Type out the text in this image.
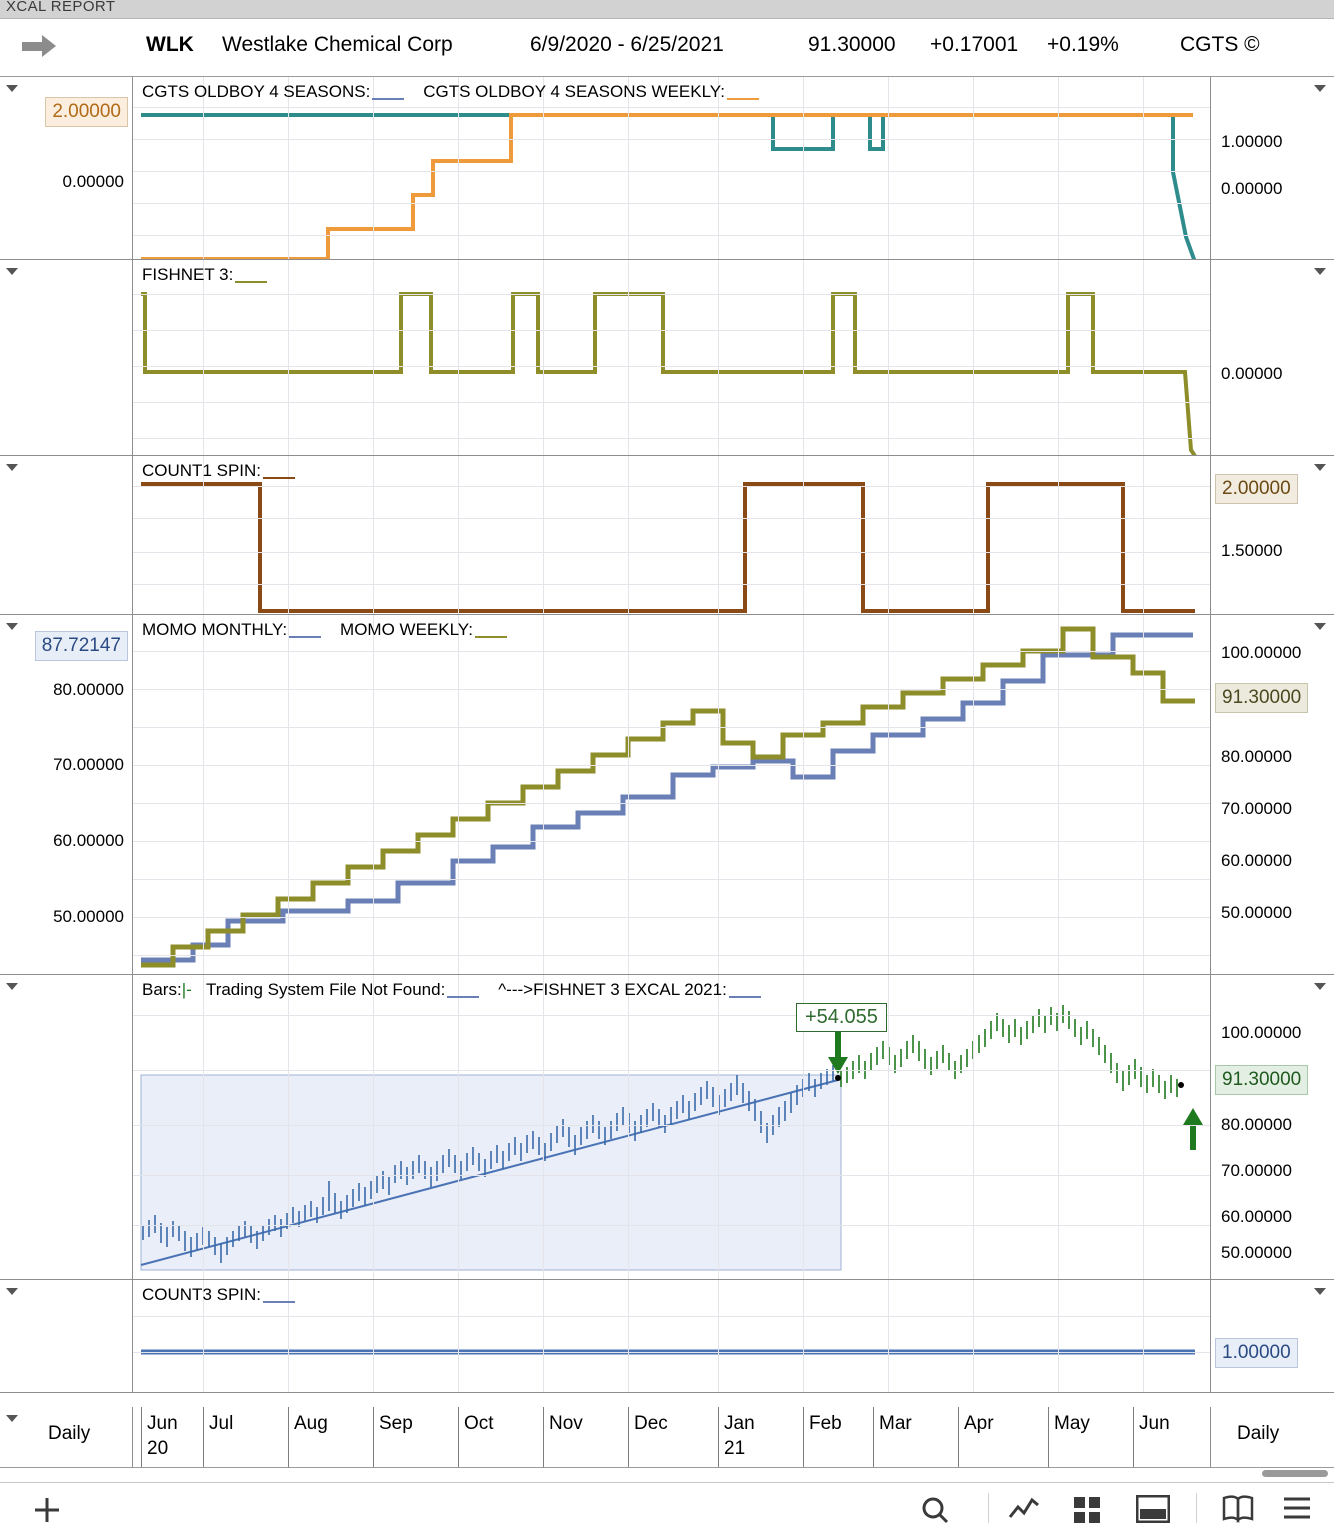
XCAL REPORT
WLK Westlake Chemical Corp	6/9/2020 - 6/25/2021	91.30000 +0.17001 +0.19%	CGTS ©
2.00000
0.00000
CGTS OLDBOY 4 SEASONS:	CGTS OLDBOY 4 SEASONS WEEKLY:
1.00000
0.00000
FISHNET 3:
0.00000
COUNT1 SPIN:
2.00000
1.50000
87.72147
80.00000
70.00000
60.00000
50.00000
MOMO MONTHLY:	MOMO WEEKLY:
100.00000
91.30000
80.00000
70.00000
60.00000
50.00000
Bars:|- Trading System File Not Found:	^--->FISHNET 3 EXCAL 2021:
+54.055
100.00000
91.30000
80.00000
70.00000
60.00000
50.00000
COUNT3 SPIN:
1.00000
Daily	Jun
20
Jul	Aug	Sep	Oct	Nov	Dec	Jan
21
Feb Mar	Apr	May	Jun	Daily
